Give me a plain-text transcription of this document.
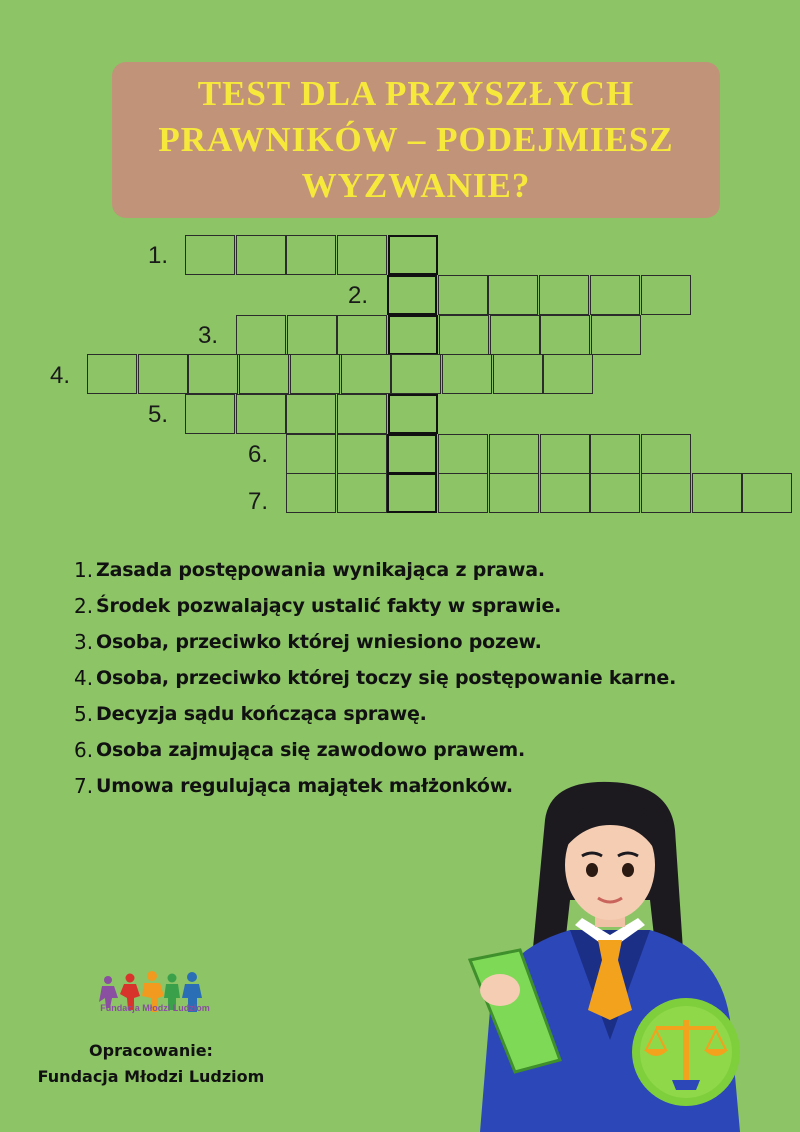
TEST DLA PRZYSZŁYCH PRAWNIKÓW – PODEJMIESZ WYZWANIE?
1.
2.
3.
4.
5.
6.
7.
1. Zasada postępowania wynikająca z prawa.
2. Środek pozwalający ustalić fakty w sprawie.
3. Osoba, przeciwko której wniesiono pozew.
4. Osoba, przeciwko której toczy się postępowanie karne.
5. Decyzja sądu kończąca sprawę.
6. Osoba zajmująca się zawodowo prawem.
7. Umowa regulująca majątek małżonków.
Fundacja Młodzi Ludziom
Opracowanie:
Fundacja Młodzi Ludziom
